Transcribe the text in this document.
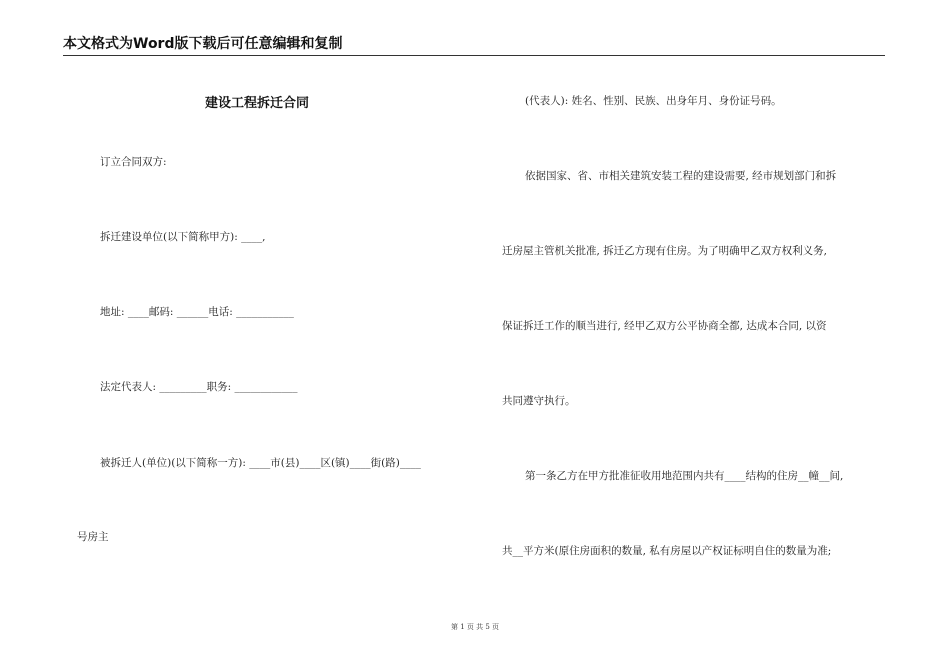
本文格式为Word版下载后可任意编辑和复制
建设工程拆迁合同
订立合同双方:
拆迁建设单位(以下简称甲方): ____,
地址: ____邮码: ______电话: ___________
法定代表人: _________职务: ____________
被拆迁人(单位)(以下简称一方): ____市(县)____区(镇)____街(路)____
号房主
(代表人): 姓名、性别、民族、出身年月、身份证号码。
依据国家、省、市相关建筑安装工程的建设需要, 经市规划部门和拆
迁房屋主管机关批准, 拆迁乙方现有住房。为了明确甲乙双方权利义务,
保证拆迁工作的顺当进行, 经甲乙双方公平协商全都, 达成本合同, 以资
共同遵守执行。
第一条乙方在甲方批准征收用地范围内共有____结构的住房__幢__间,
共__平方米(原住房面积的数量, 私有房屋以产权证标明自住的数量为准;
第 1 页 共 5 页
